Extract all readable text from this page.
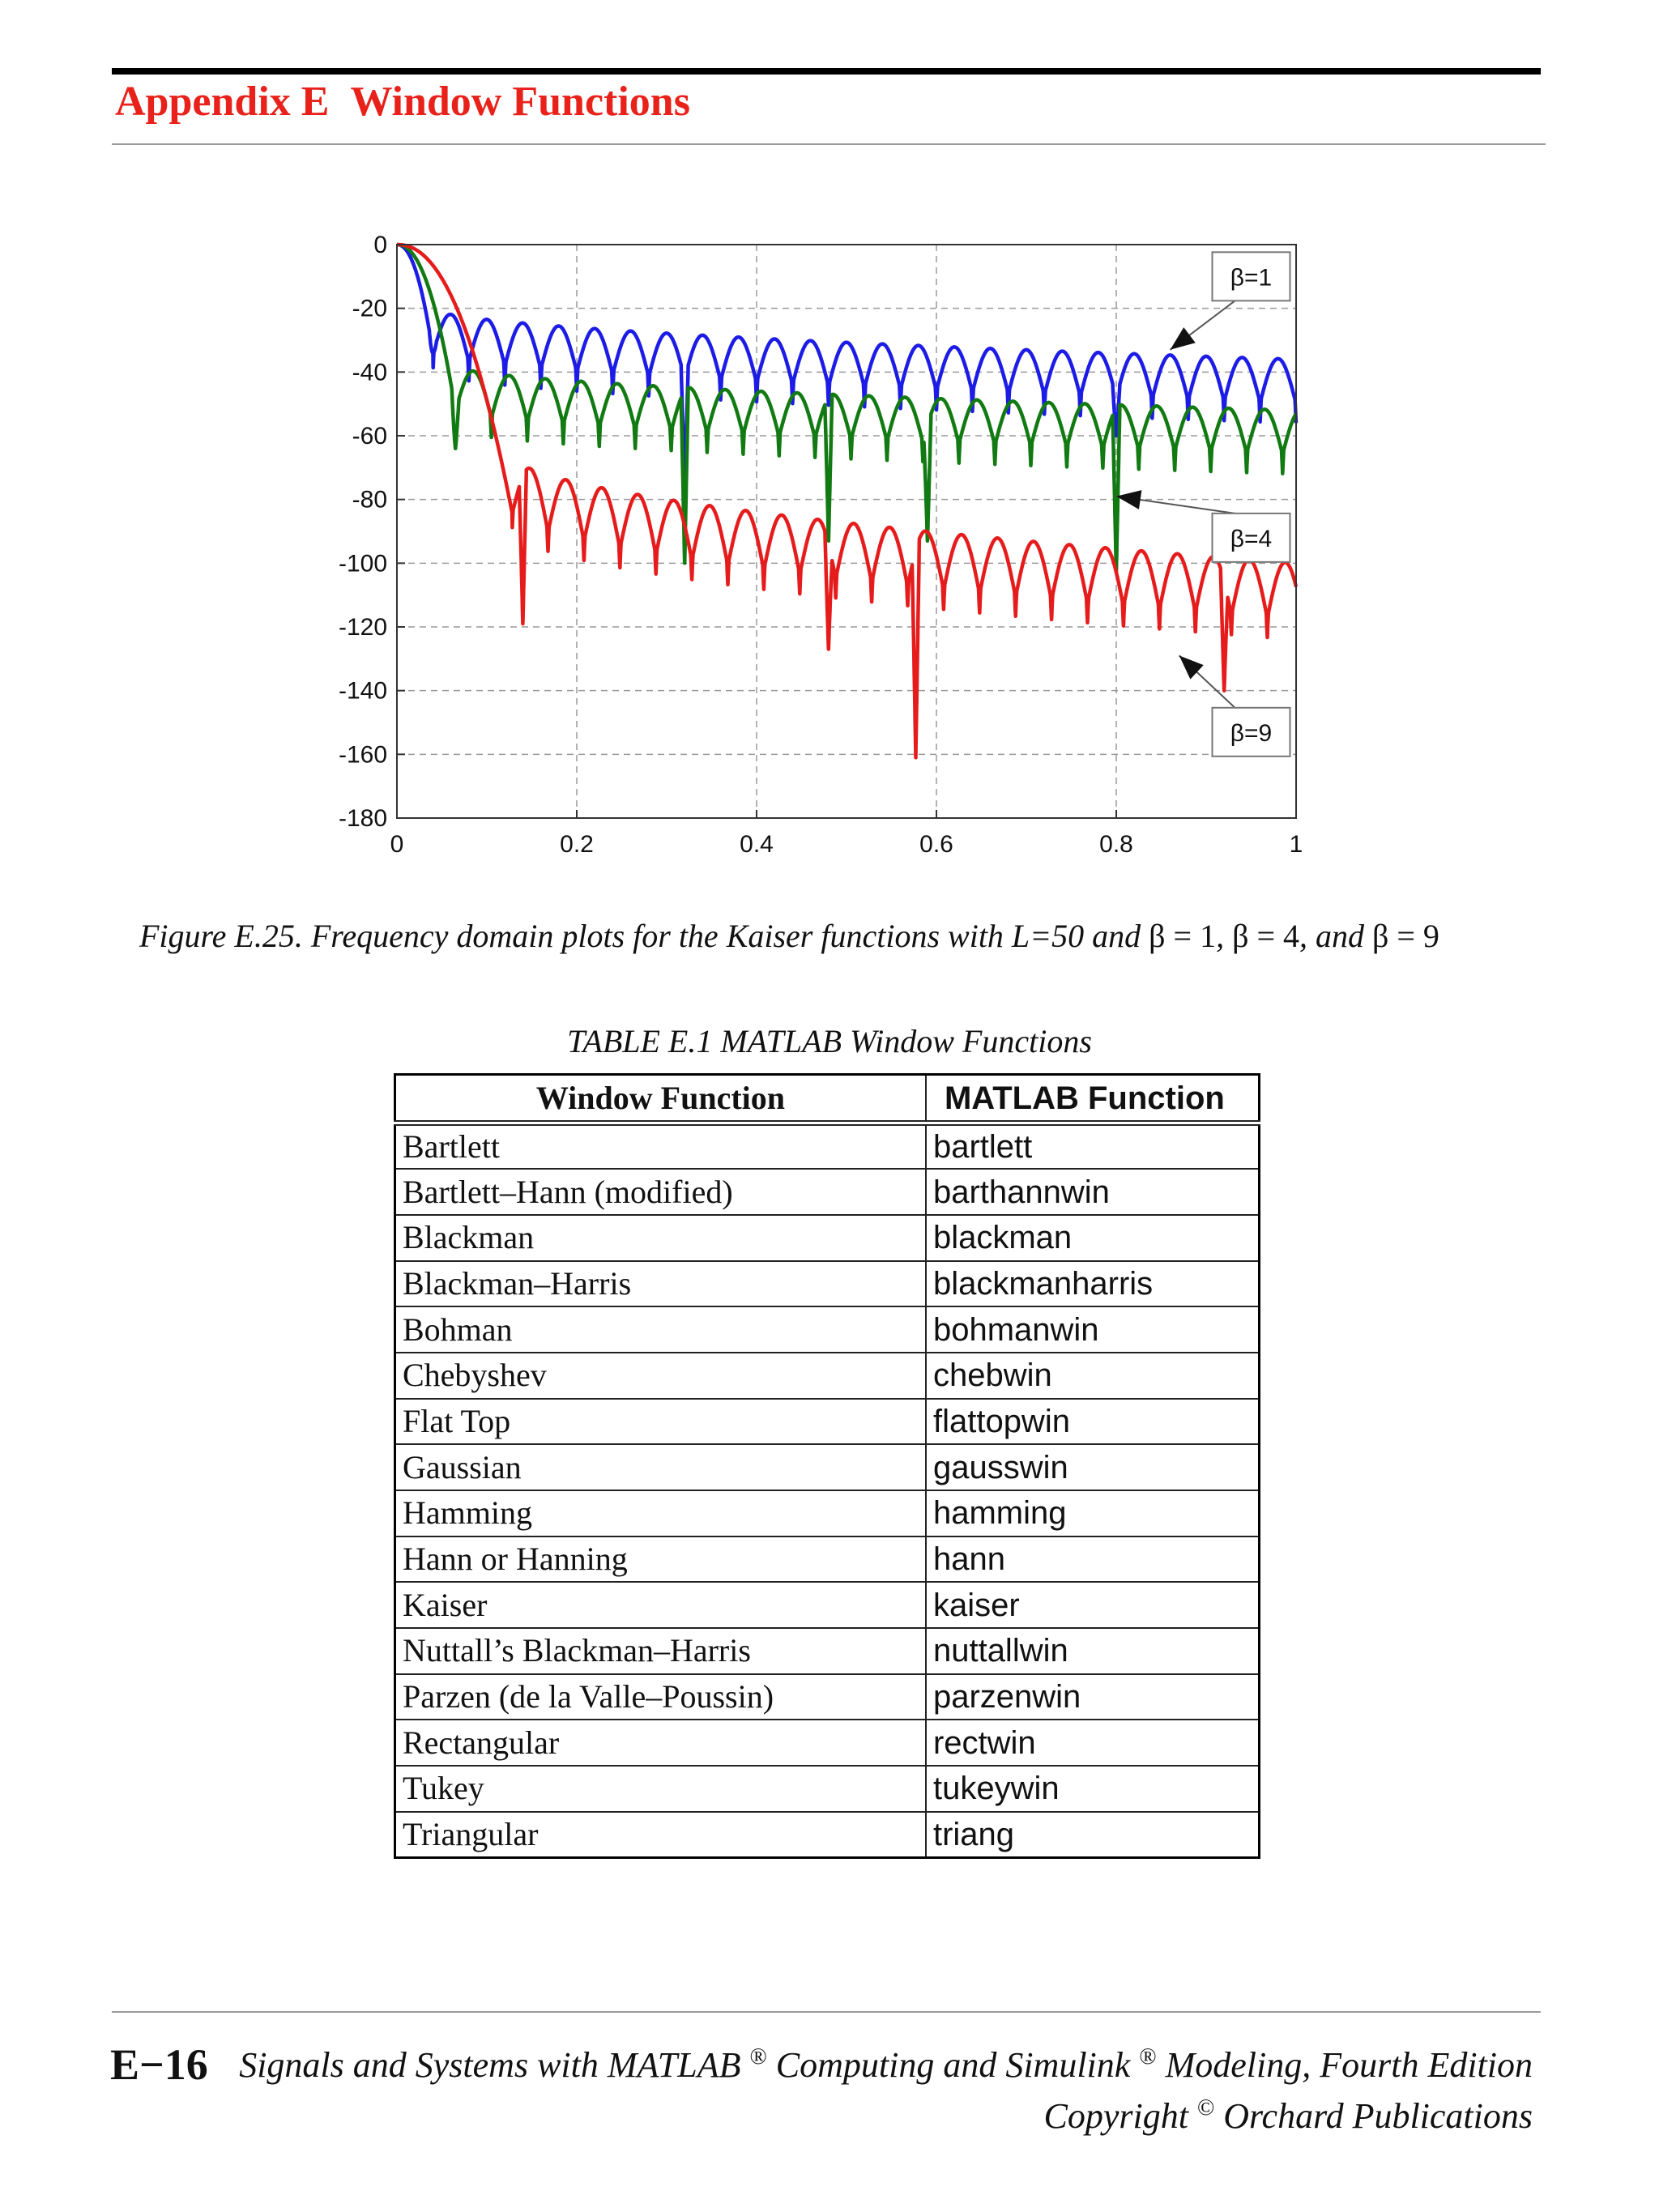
Appendix E Window Functions
0	0.2	0.4	0.6	0.8	1
0
-20
-40
-60
-80
-100
-120
-140
-160
-180
β=1
β=4
β=9
Figure E.25. Frequency domain plots for the Kaiser functions with L=50 and β = 1, β = 4, and β = 9
TABLE E.1 MATLAB Window Functions
Window Function	MATLAB Function
Bartlett	bartlett
Bartlett–Hann (modified)	barthannwin
Blackman	blackman
Blackman–Harris	blackmanharris
Bohman	bohmanwin
Chebyshev	chebwin
Flat Top	flattopwin
Gaussian	gausswin
Hamming	hamming
Hann or Hanning	hann
Kaiser	kaiser
Nuttall’s Blackman–Harris	nuttallwin
Parzen (de la Valle–Poussin)	parzenwin
Rectangular	rectwin
Tukey	tukeywin
Triangular	triang
E−16 Signals and Systems with MATLAB ® Computing and Simulink ® Modeling, Fourth Edition
Copyright © Orchard Publications
